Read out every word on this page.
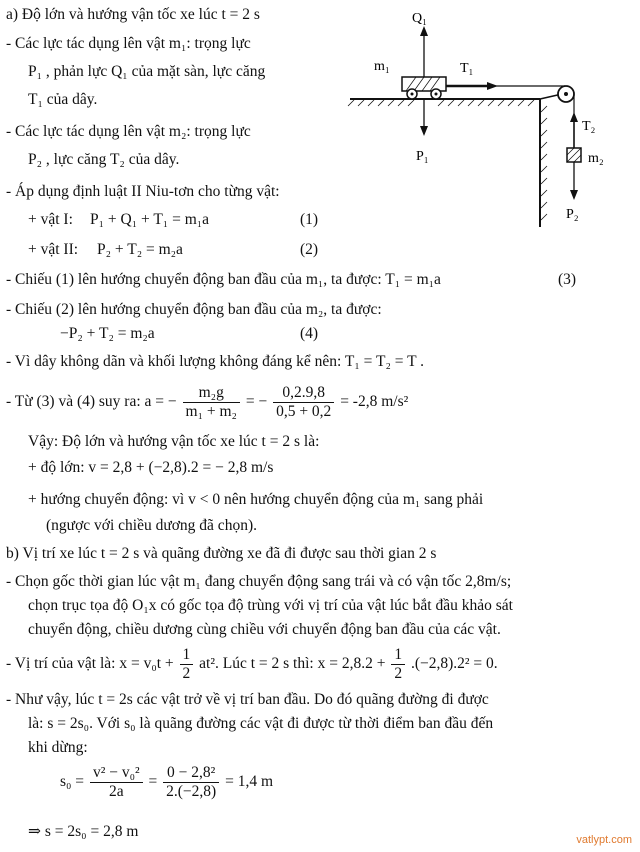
Q₁
m₁	T₁
P₁
T₂
m₂
P₂
a) Độ lớn và hướng vận tốc xe lúc t = 2 s
- Các lực tác dụng lên vật m₁: trọng lực
P₁ , phản lực Q₁ của mặt sàn, lực căng
T₁ của dây.
- Các lực tác dụng lên vật m₂: trọng lực
P₂ , lực căng T₂ của dây.
- Áp dụng định luật II Niu-tơn cho từng vật:
+ vật I: P₁ + Q₁ + T₁ = m₁a	(1)
+ vật II: P₂ + T₂ = m₂a	(2)
- Chiếu (1) lên hướng chuyển động ban đầu của m₁, ta được: T₁ = m₁a	(3)
- Chiếu (2) lên hướng chuyển động ban đầu của m₂, ta được:
−P₂ + T₂ = m₂a	(4)
- Vì dây không dãn và khối lượng không đáng kể nên: T₁ = T₂ = T .
- Từ (3) và (4) suy ra: a = − $\frac{\text{m₂g}}{\text{m₁ + m₂}}$ = − $\frac{0,2.9,8}{0,5 + 0,2} = -2,8$ m/s²
Vậy: Độ lớn và hướng vận tốc xe lúc t = 2 s là:
+ độ lớn: v = 2,8 + (−2,8).2 = − 2,8 m/s
+ hướng chuyển động: vì v < 0 nên hướng chuyển động của m₁ sang phải
(ngược với chiều dương đã chọn).
b) Vị trí xe lúc t = 2 s và quãng đường xe đã đi được sau thời gian 2 s
- Chọn gốc thời gian lúc vật m₁ đang chuyển động sang trái và có vận tốc 2,8m/s;
chọn trục tọa độ O₁x có gốc tọa độ trùng với vị trí của vật lúc bắt đầu khảo sát
chuyển động, chiều dương cùng chiều với chuyển động ban đầu của các vật.
- Vị trí của vật là: $x = v_0t + \frac{1}{2} at^2$. Lúc t = 2 s thì: $x = 2,8.2 + \frac{1}{2} .(-2,8).2^2 = 0$.
- Như vậy, lúc t = 2s các vật trở về vị trí ban đầu. Do đó quãng đường đi được
là: s = 2s₀. Với s₀ là quãng đường các vật đi được từ thời điểm ban đầu đến
khi dừng:
$s_0 = \frac{\text{v² − v₀²}}{2a} = \frac{\text{0 − 2,8²}}{2.(-2,8)} = 1,4$ m
⇒ s = 2s₀ = 2,8 m	vatlypt.com
